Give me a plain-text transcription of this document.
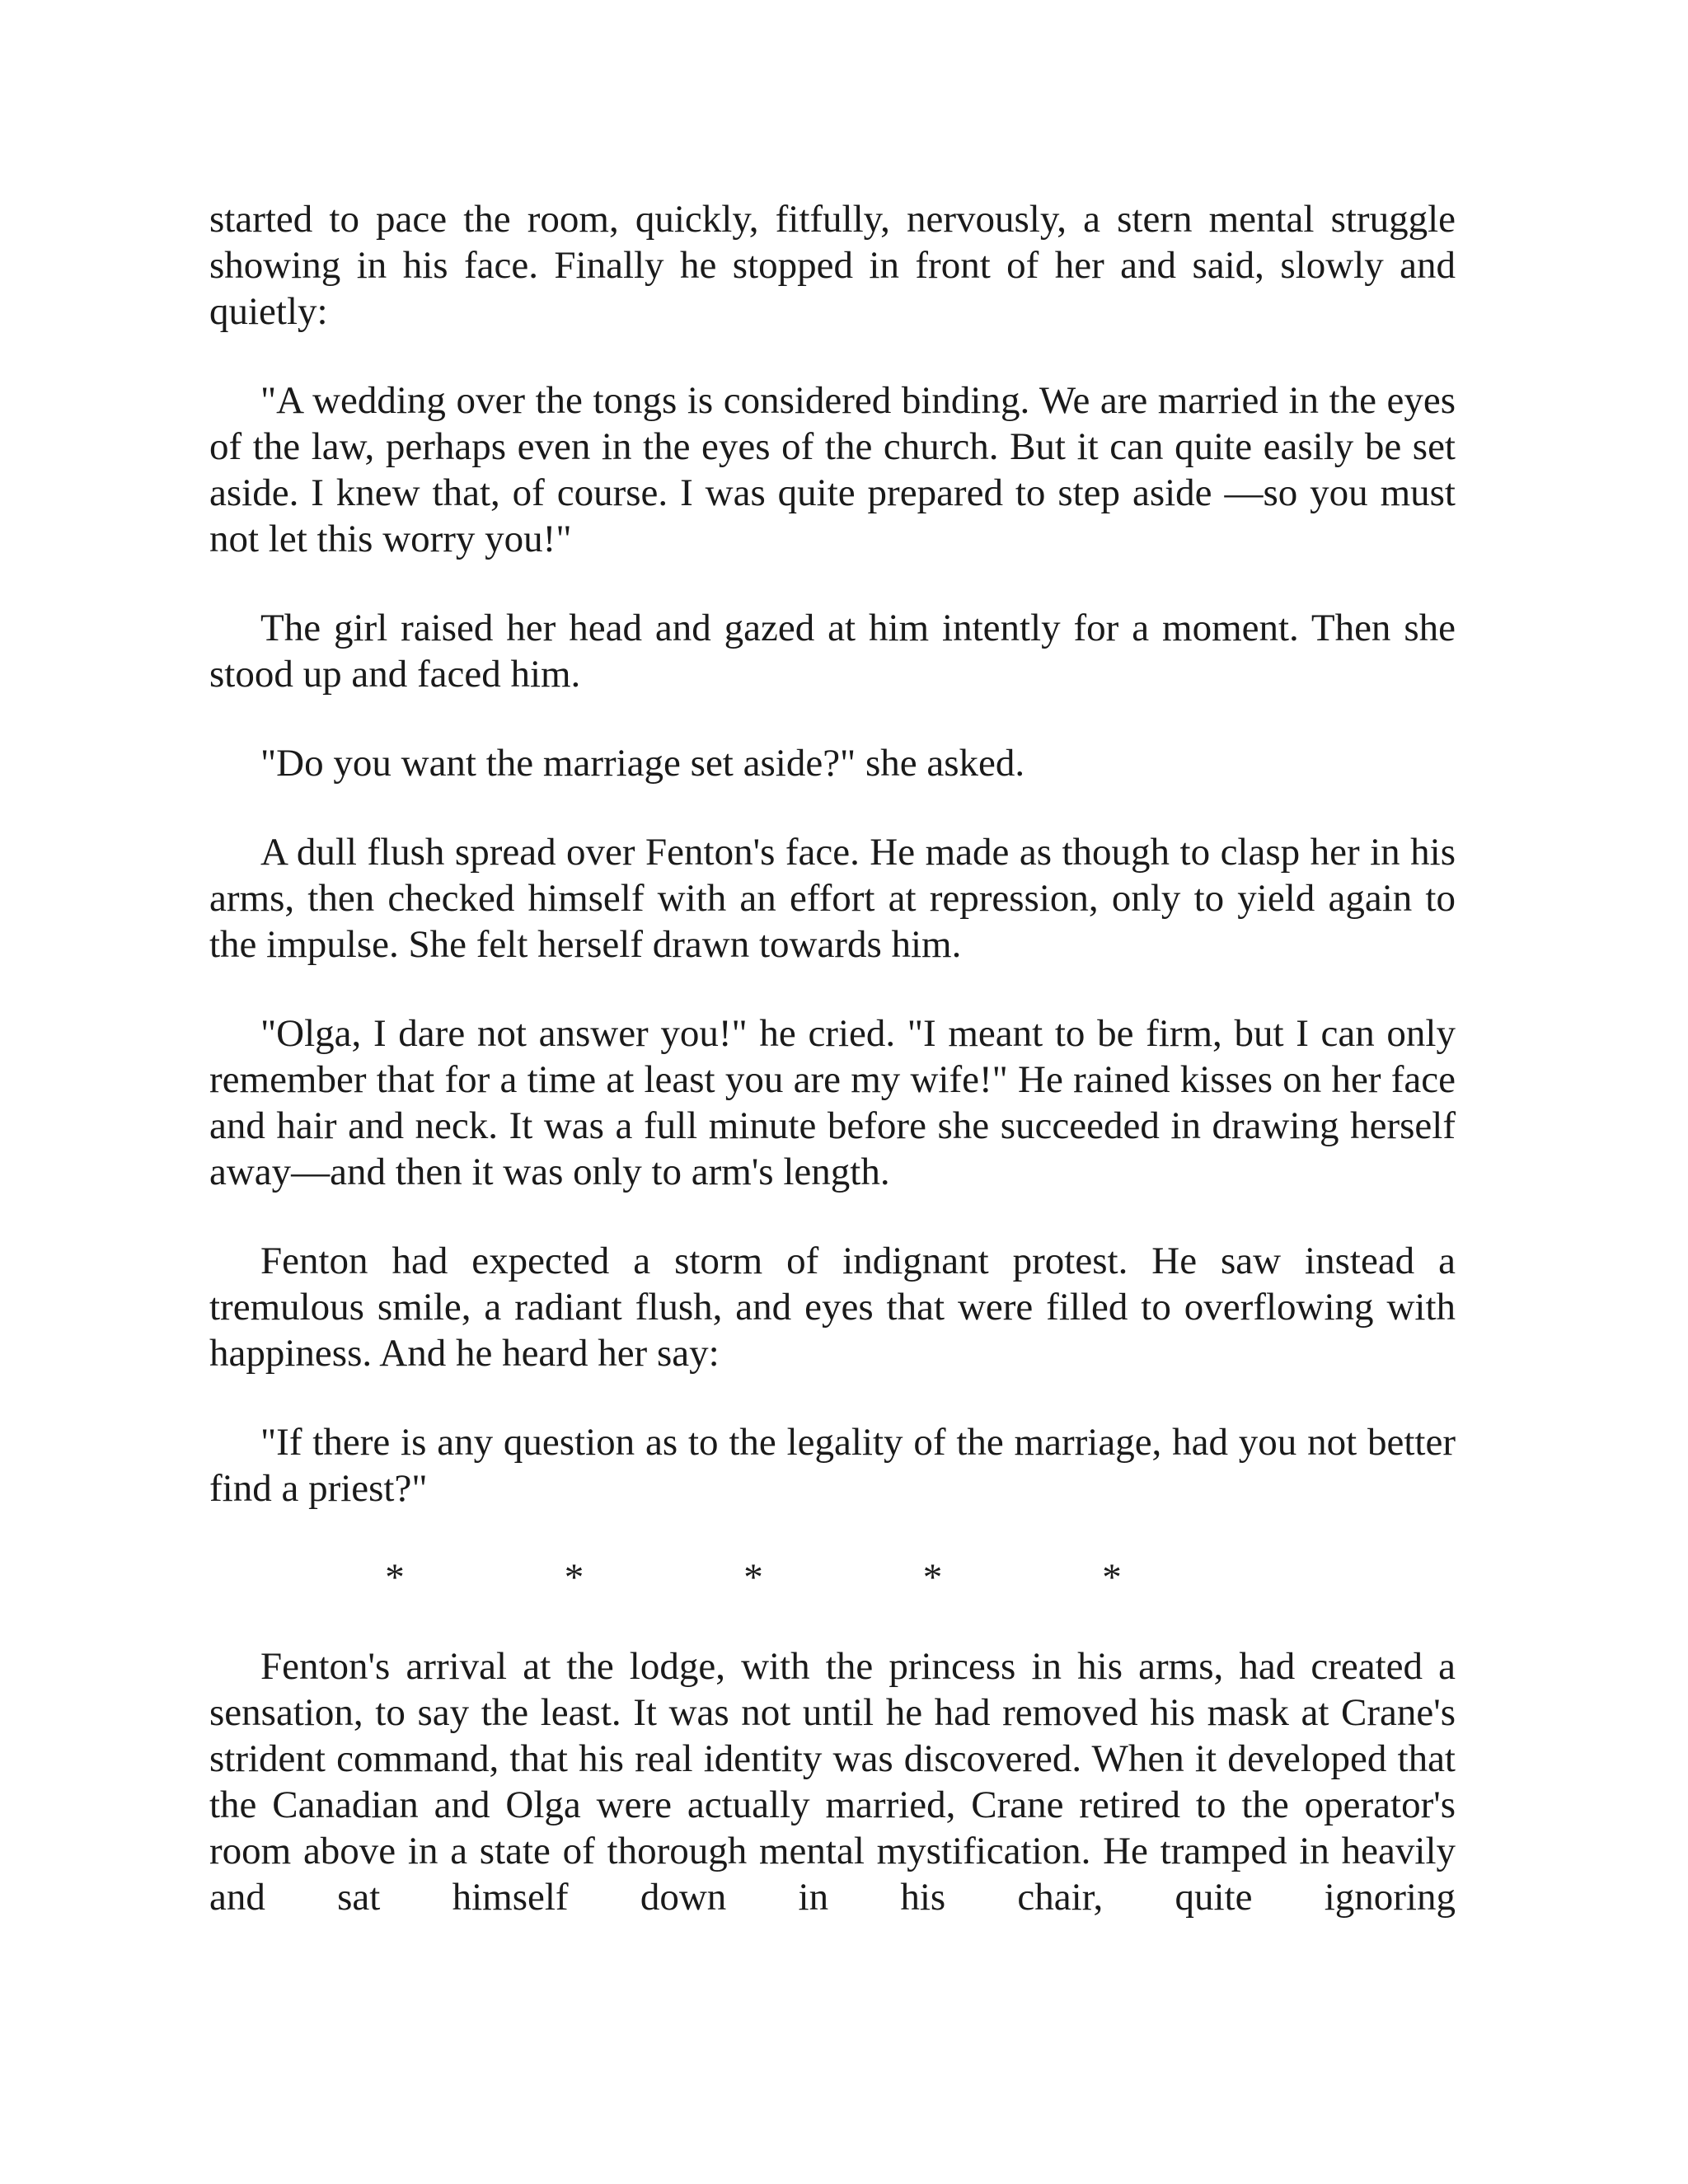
started to pace the room, quickly, fitfully, nervously, a stern mental struggle showing in his face. Finally he stopped in front of her and said, slowly and quietly:

"A wedding over the tongs is considered binding. We are married in the eyes of the law, perhaps even in the eyes of the church. But it can quite easily be set aside. I knew that, of course. I was quite prepared to step aside —so you must not let this worry you!"

The girl raised her head and gazed at him intently for a moment. Then she stood up and faced him.

"Do you want the marriage set aside?" she asked.

A dull flush spread over Fenton's face. He made as though to clasp her in his arms, then checked himself with an effort at repression, only to yield again to the impulse. She felt herself drawn towards him.

"Olga, I dare not answer you!" he cried. "I meant to be firm, but I can only remember that for a time at least you are my wife!" He rained kisses on her face and hair and neck. It was a full minute before she succeeded in drawing herself away—and then it was only to arm's length.

Fenton had expected a storm of indignant protest. He saw instead a tremulous smile, a radiant flush, and eyes that were filled to overflowing with happiness. And he heard her say:

"If there is any question as to the legality of the marriage, had you not better find a priest?"

*	*	*	*	*

Fenton's arrival at the lodge, with the princess in his arms, had created a sensation, to say the least. It was not until he had removed his mask at Crane's strident command, that his real identity was discovered. When it developed that the Canadian and Olga were actually married, Crane retired to the operator's room above in a state of thorough mental mystification. He tramped in heavily and sat himself down in his chair, quite ignoring
